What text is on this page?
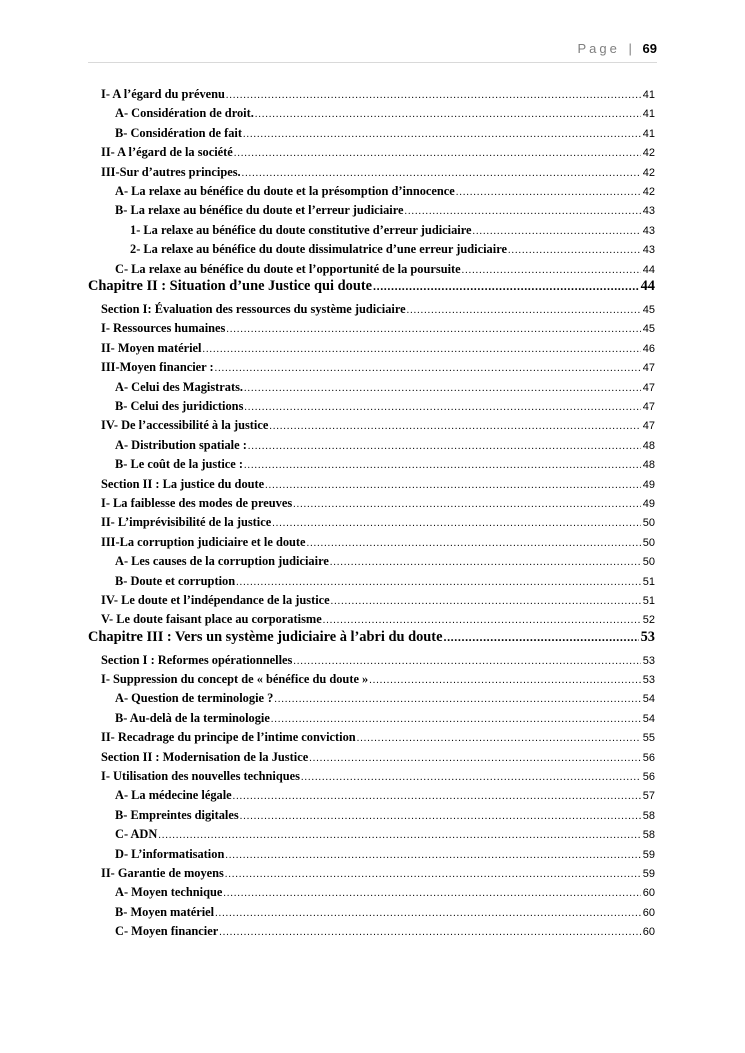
Page | 69
I- A l’égard du prévenu .....	41
A- Considération de droit. .....	41
B- Considération de fait .....	41
II- A l’égard de la société .....	42
III-Sur d’autres principes. .....	42
A- La relaxe au bénéfice du doute et la présomption d’innocence .....	42
B- La relaxe au bénéfice du doute et l’erreur judiciaire .....	43
1- La relaxe au bénéfice du doute constitutive d’erreur judiciaire .....	43
2- La relaxe au bénéfice du doute dissimulatrice d’une erreur judiciaire .....	43
C- La relaxe au bénéfice du doute et l’opportunité de la poursuite .....	44
Chapitre II : Situation d’une Justice qui doute .....	44
Section I: Évaluation des ressources du système judiciaire .....	45
I- Ressources humaines .....	45
II- Moyen matériel .....	46
III-Moyen financier : .....	47
A- Celui des Magistrats. .....	47
B- Celui des juridictions .....	47
IV- De l’accessibilité à la justice .....	47
A- Distribution spatiale : .....	48
B- Le coût de la justice : .....	48
Section II : La justice du doute .....	49
I- La faiblesse des modes de preuves .....	49
II- L’imprévisibilité de la justice .....	50
III-La corruption judiciaire et le doute .....	50
A- Les causes de la corruption judiciaire .....	50
B- Doute et corruption .....	51
IV- Le doute et l’indépendance de la justice .....	51
V- Le doute faisant place au corporatisme .....	52
Chapitre III : Vers un système judiciaire à l’abri du doute .....	53
Section I : Reformes opérationnelles .....	53
I- Suppression du concept de « bénéfice du doute » .....	53
A- Question de terminologie ? .....	54
B- Au-delà de la terminologie .....	54
II- Recadrage du principe de l’intime conviction .....	55
Section II : Modernisation de la Justice .....	56
I- Utilisation des nouvelles techniques .....	56
A- La médecine légale .....	57
B- Empreintes digitales .....	58
C- ADN .....	58
D- L’informatisation .....	59
II- Garantie de moyens .....	59
A- Moyen technique .....	60
B- Moyen matériel .....	60
C- Moyen financier .....	60
